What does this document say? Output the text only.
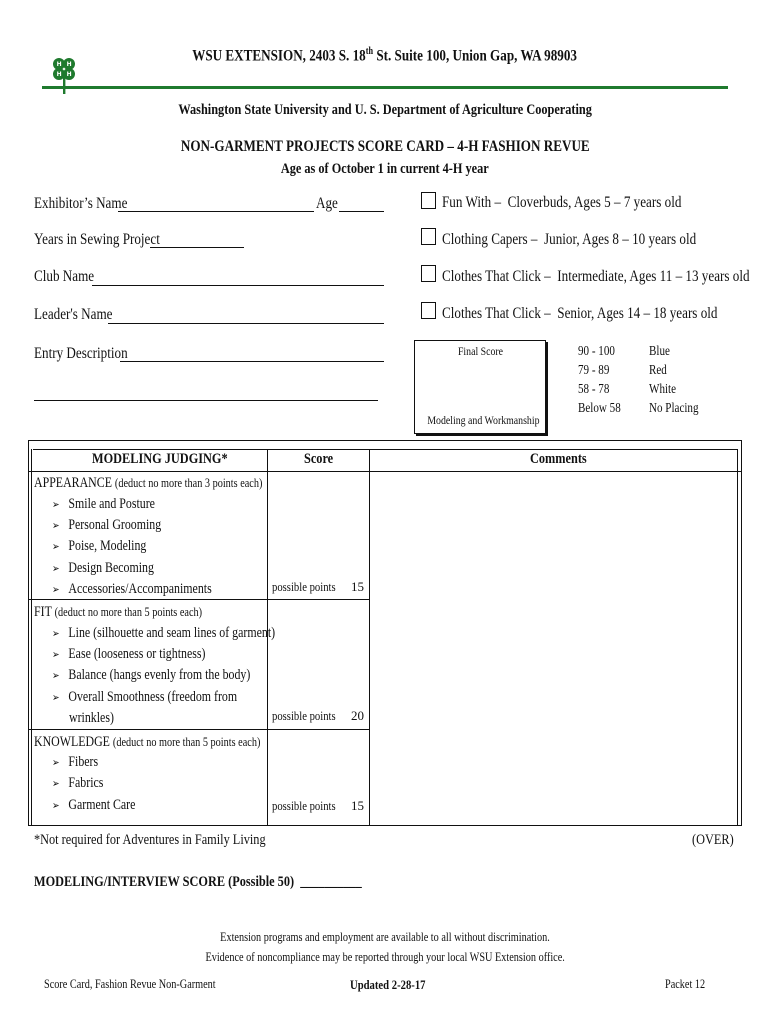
H H
H H
WSU EXTENSION, 2403 S. 18th St. Suite 100, Union Gap, WA 98903
Washington State University and U. S. Department of Agriculture Cooperating
NON-GARMENT PROJECTS SCORE CARD – 4-H FASHION REVUE
Age as of October 1 in current 4-H year
Exhibitor’s Name	Age
Years in Sewing Project
Club Name
Leader's Name
Entry Description
Fun With – Cloverbuds, Ages 5 – 7 years old
Clothing Capers – Junior, Ages 8 – 10 years old
Clothes That Click – Intermediate, Ages 11 – 13 years old
Clothes That Click – Senior, Ages 14 – 18 years old
Final Score
Modeling and Workmanship
90 - 100	Blue
79 - 89	Red
58 - 78	White
Below 58 No Placing
MODELING JUDGING*	Score	Comments
APPEARANCE (deduct no more than 3 points each)
➢ Smile and Posture
➢ Personal Grooming
➢ Poise, Modeling
➢ Design Becoming
➢ Accessories/Accompaniments	possible points 15
FIT (deduct no more than 5 points each)
➢ Line (silhouette and seam lines of garment)
➢ Ease (looseness or tightness)
➢ Balance (hangs evenly from the body)
➢ Overall Smoothness (freedom from
wrinkles)	possible points 20
KNOWLEDGE (deduct no more than 5 points each)
➢ Fibers
➢ Fabrics
➢ Garment Care	possible points 15
*Not required for Adventures in Family Living	(OVER)
MODELING/INTERVIEW SCORE (Possible 50) __________
Extension programs and employment are available to all without discrimination.
Evidence of noncompliance may be reported through your local WSU Extension office.
Score Card, Fashion Revue Non-Garment	Updated 2-28-17	Packet 12
